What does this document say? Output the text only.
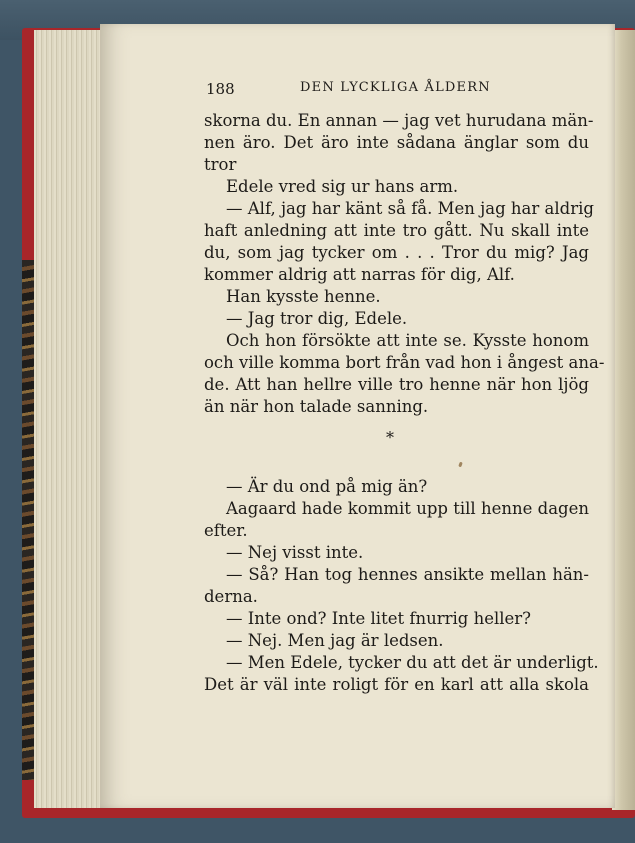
188	DEN LYCKLIGA ÅLDERN
skorna du. En annan — jag vet hurudana män-
nen äro. Det äro inte sådana änglar som du
tror
Edele vred sig ur hans arm.
— Alf, jag har känt så få. Men jag har aldrig
haft anledning att inte tro gått. Nu skall inte
du, som jag tycker om . . . Tror du mig? Jag
kommer aldrig att narras för dig, Alf.
Han kysste henne.
— Jag tror dig, Edele.
Och hon försökte att inte se. Kysste honom
och ville komma bort från vad hon i ångest ana-
de. Att han hellre ville tro henne när hon ljög
än när hon talade sanning.
— Är du ond på mig än?
Aagaard hade kommit upp till henne dagen
efter.
— Nej visst inte.
— Så? Han tog hennes ansikte mellan hän-
derna.
— Inte ond? Inte litet fnurrig heller?
— Nej. Men jag är ledsen.
— Men Edele, tycker du att det är underligt.
Det är väl inte roligt för en karl att alla skola
*
